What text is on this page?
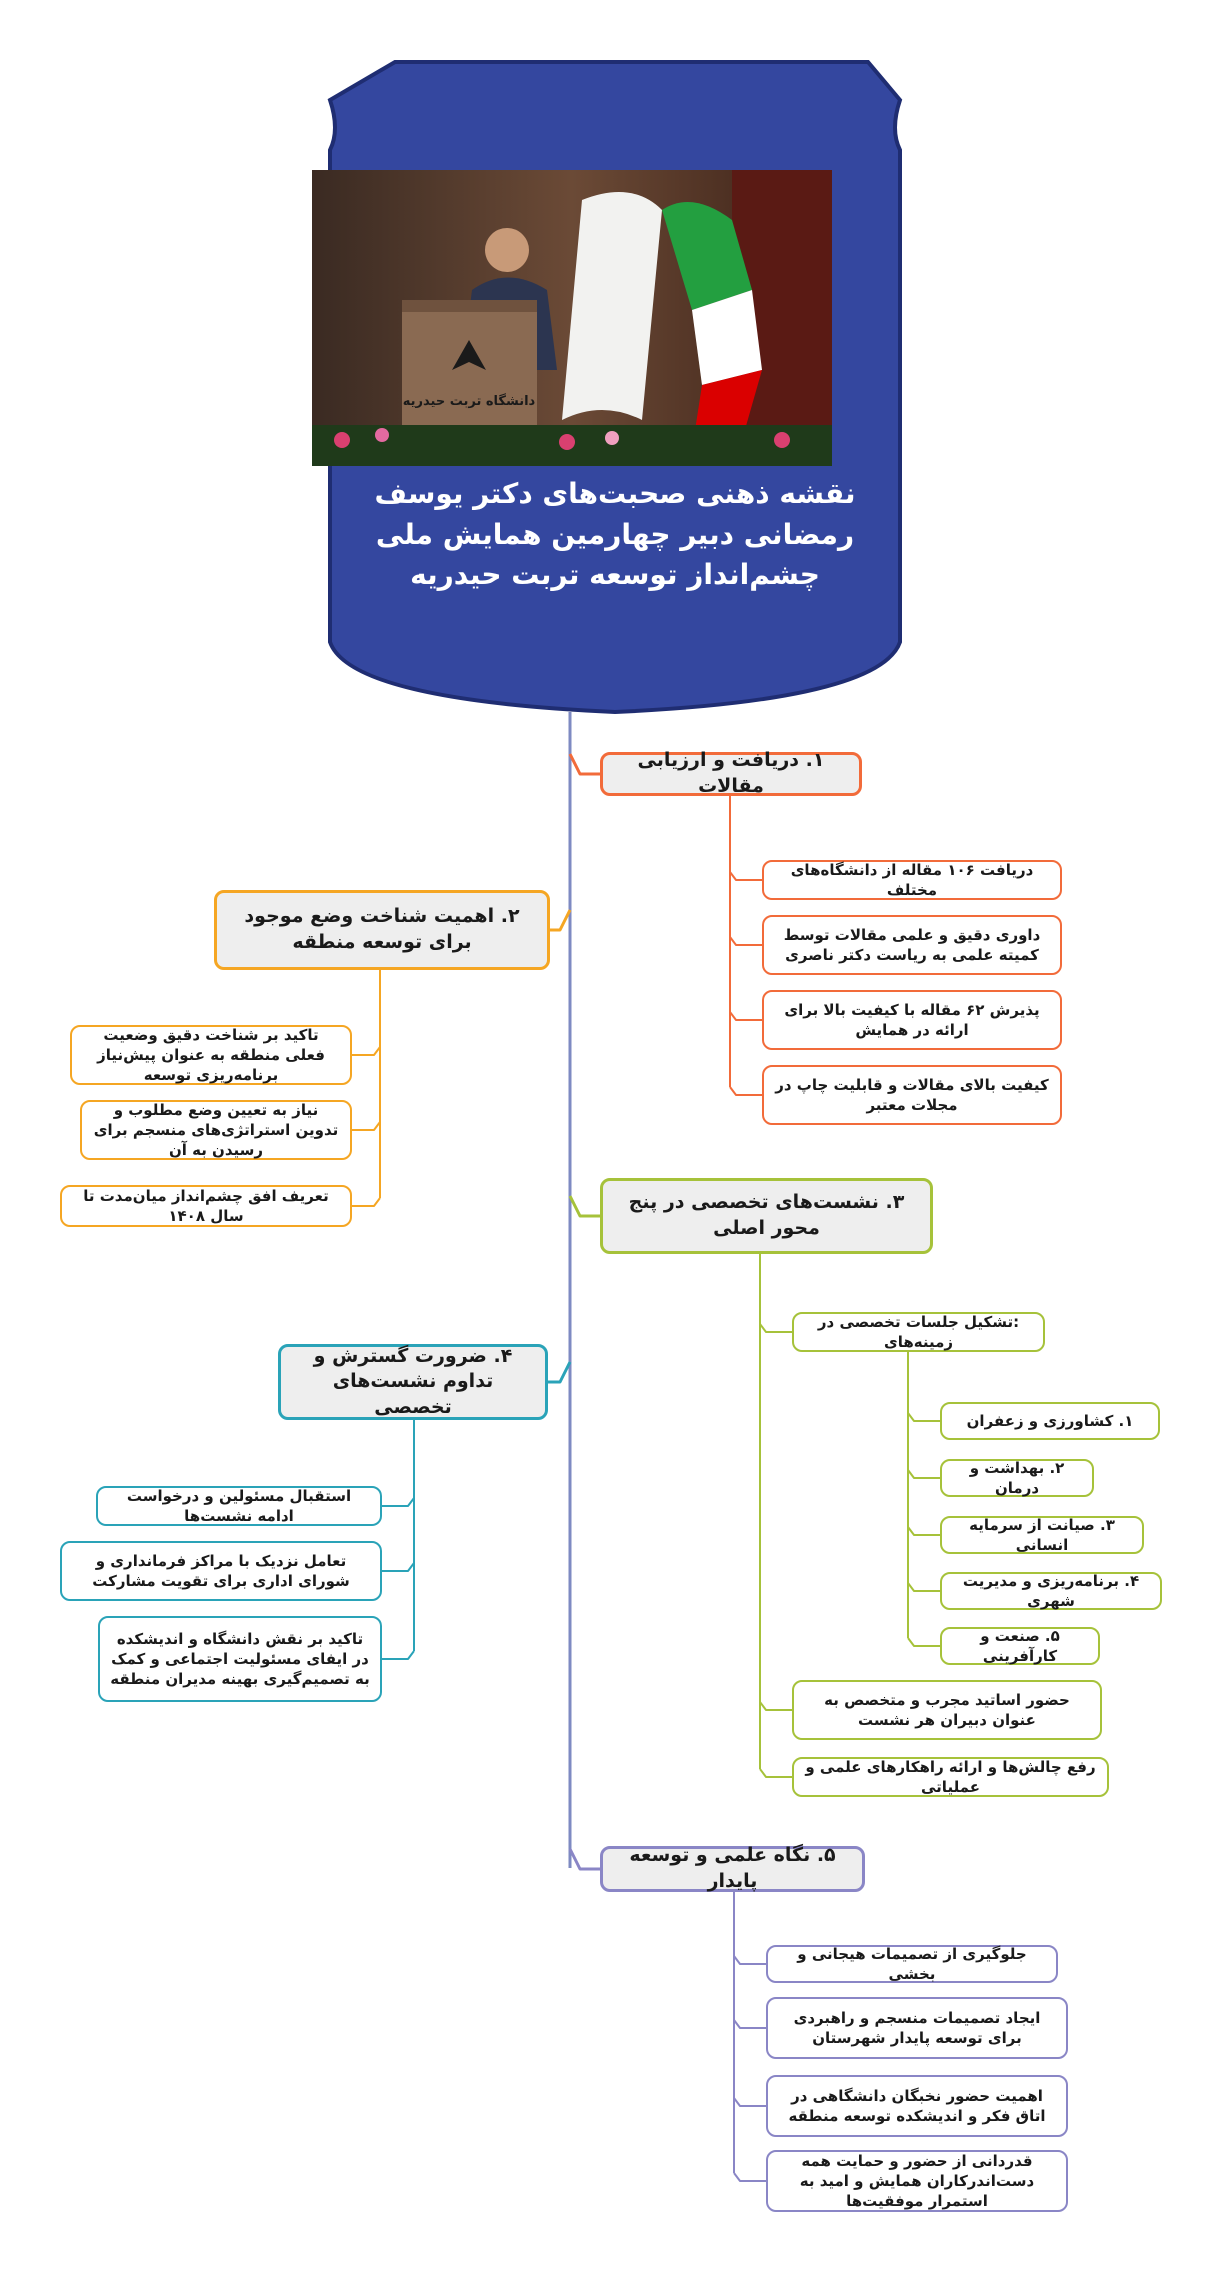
دانشگاه تربت حیدریه
نقشه ذهنی صحبت‌های دکتر یوسف رمضانی دبیر چهارمین همایش ملی چشم‌انداز توسعه تربت حیدریه
۱. دریافت و ارزیابی مقالات
دریافت ۱۰۶ مقاله از دانشگاه‌های مختلف
داوری دقیق و علمی مقالات توسط کمیته علمی به ریاست دکتر ناصری
پذیرش ۶۲ مقاله با کیفیت بالا برای ارائه در همایش
کیفیت بالای مقالات و قابلیت چاپ در مجلات معتبر
۲. اهمیت شناخت وضع موجود برای توسعه منطقه
تاکید بر شناخت دقیق وضعیت فعلی منطقه به عنوان پیش‌نیاز برنامه‌ریزی توسعه
نیاز به تعیین وضع مطلوب و تدوین استراتژی‌های منسجم برای رسیدن به آن
تعریف افق چشم‌انداز میان‌مدت تا سال ۱۴۰۸
۳. نشست‌های تخصصی در پنج محور اصلی
:تشکیل جلسات تخصصی در زمینه‌های
۱. کشاورزی و زعفران
۲. بهداشت و درمان
۳. صیانت از سرمایه انسانی
۴. برنامه‌ریزی و مدیریت شهری
۵. صنعت و کارآفرینی
حضور اساتید مجرب و متخصص به عنوان دبیران هر نشست
رفع چالش‌ها و ارائه راهکارهای علمی و عملیاتی
۴. ضرورت گسترش و تداوم نشست‌های تخصصی
استقبال مسئولین و درخواست ادامه نشست‌ها
تعامل نزدیک با مراکز فرمانداری و شورای اداری برای تقویت مشارکت
تاکید بر نقش دانشگاه و اندیشکده در ایفای مسئولیت اجتماعی و کمک به تصمیم‌گیری بهینه مدیران منطقه
۵. نگاه علمی و توسعه پایدار
جلوگیری از تصمیمات هیجانی و بخشی
ایجاد تصمیمات منسجم و راهبردی برای توسعه پایدار شهرستان
اهمیت حضور نخبگان دانشگاهی در اتاق فکر و اندیشکده توسعه منطقه
قدردانی از حضور و حمایت همه دست‌اندرکاران همایش و امید به استمرار موفقیت‌ها
